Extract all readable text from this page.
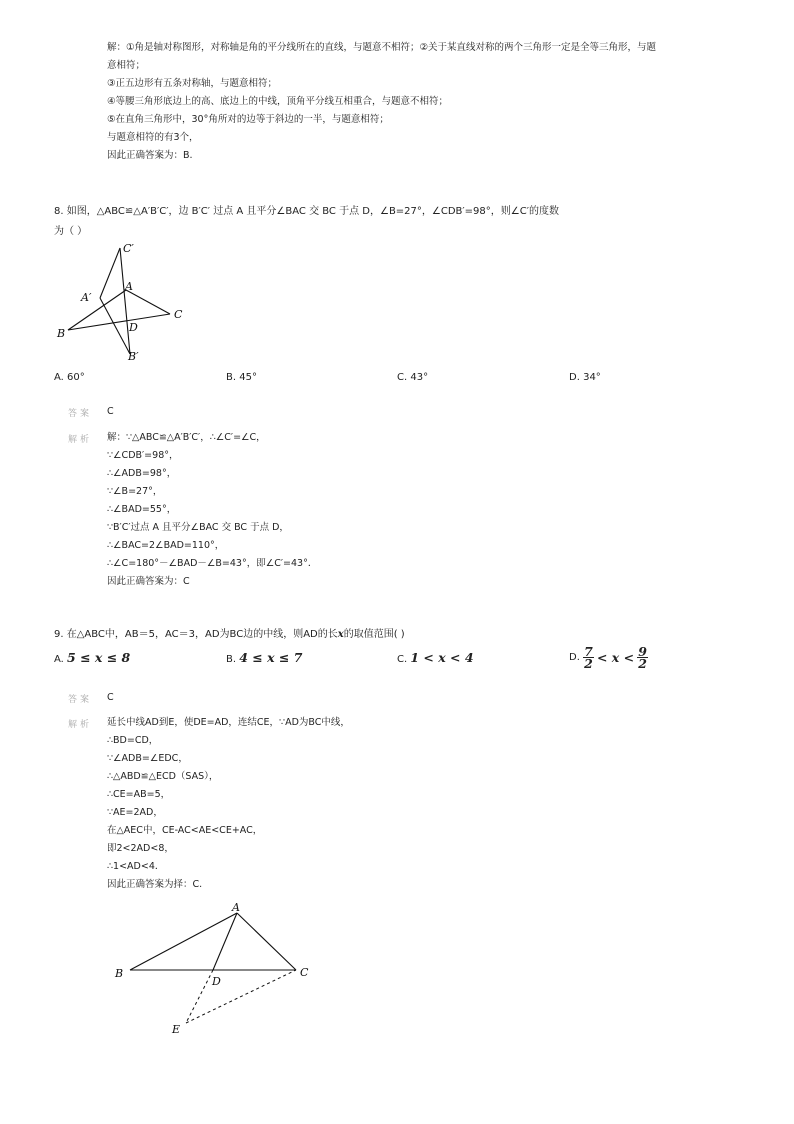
解：①角是轴对称图形，对称轴是角的平分线所在的直线，与题意不相符；②关于某直线对称的两个三角形一定是全等三角形，与题
意相符；
③正五边形有五条对称轴，与题意相符；
④等腰三角形底边上的高、底边上的中线，顶角平分线互相重合，与题意不相符；
⑤在直角三角形中，30°角所对的边等于斜边的一半，与题意相符；
与题意相符的有3个，
因此正确答案为：B.
8. 如图，△ABC≌△A′B′C′，边 B′C′ 过点 A 且平分∠BAC 交 BC 于点 D，∠B=27°，∠CDB′=98°，则∠C′的度数
为（ ）
C′
A′
A
C
B	D
B′
A. 60°	B. 45°	C. 43°	D. 34°
答案 C
解析 解：∵△ABC≌△A′B′C′，∴∠C′=∠C，
∵∠CDB′=98°，
∴∠ADB=98°，
∵∠B=27°，
∴∠BAD=55°，
∵B′C′过点 A 且平分∠BAC 交 BC 于点 D，
∴∠BAC=2∠BAD=110°，
∴∠C=180°－∠BAD－∠B=43°，即∠C′=43°．
因此正确答案为：C
9. 在△ABC中，AB＝5，AC＝3，AD为BC边的中线，则AD的长x的取值范围( )
A. 5 ≤ x ≤ 8	B. 4 ≤ x ≤ 7	C. 1 < x < 4	D. $\frac{7}{2} < x < \frac{9}{2}$
答案 C
解析 延长中线AD到E，使DE=AD，连结CE，∵AD为BC中线，
∴BD=CD，
∵∠ADB=∠EDC，
∴△ABD≌△ECD（SAS），
∴CE=AB=5，
∵AE=2AD，
在△AEC中，CE-AC<AE<CE+AC，
即2<2AD<8，
∴1<AD<4．
因此正确答案为择：C.
A
B	C
D
E
